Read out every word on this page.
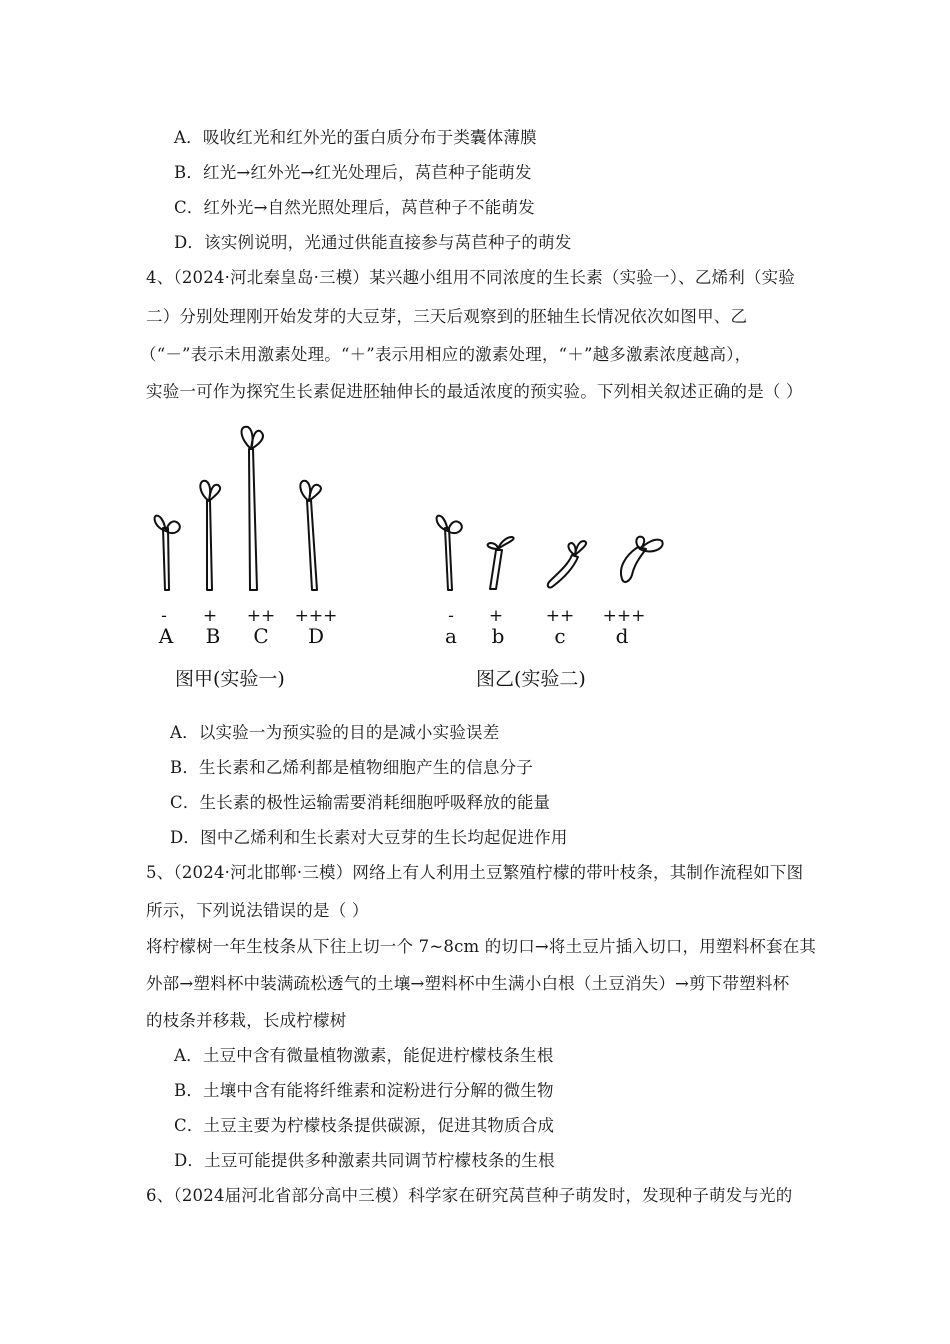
A．吸收红光和红外光的蛋白质分布于类囊体薄膜
B．红光→红外光→红光处理后，莴苣种子能萌发
C．红外光→自然光照处理后，莴苣种子不能萌发
D．该实例说明，光通过供能直接参与莴苣种子的萌发
4、（2024·河北秦皇岛·三模）某兴趣小组用不同浓度的生长素（实验一）、乙烯利（实验
二）分别处理刚开始发芽的大豆芽，三天后观察到的胚轴生长情况依次如图甲、乙
（“－”表示未用激素处理。“＋”表示用相应的激素处理，“＋”越多激素浓度越高），
实验一可作为探究生长素促进胚轴伸长的最适浓度的预实验。下列相关叙述正确的是（ ）
- + ++ +++	- +	++ +++
A B C D	a b c d
图甲(实验一)	图乙(实验二)
A．以实验一为预实验的目的是减小实验误差
B．生长素和乙烯利都是植物细胞产生的信息分子
C．生长素的极性运输需要消耗细胞呼吸释放的能量
D．图中乙烯利和生长素对大豆芽的生长均起促进作用
5、（2024·河北邯郸·三模）网络上有人利用土豆繁殖柠檬的带叶枝条，其制作流程如下图
所示，下列说法错误的是（ ）
将柠檬树一年生枝条从下往上切一个 7~8cm 的切口→将土豆片插入切口，用塑料杯套在其
外部→塑料杯中装满疏松透气的土壤→塑料杯中生满小白根（土豆消失）→剪下带塑料杯
的枝条并移栽，长成柠檬树
A．土豆中含有微量植物激素，能促进柠檬枝条生根
B．土壤中含有能将纤维素和淀粉进行分解的微生物
C．土豆主要为柠檬枝条提供碳源，促进其物质合成
D．土豆可能提供多种激素共同调节柠檬枝条的生根
6、（2024届河北省部分高中三模）科学家在研究莴苣种子萌发时，发现种子萌发与光的
